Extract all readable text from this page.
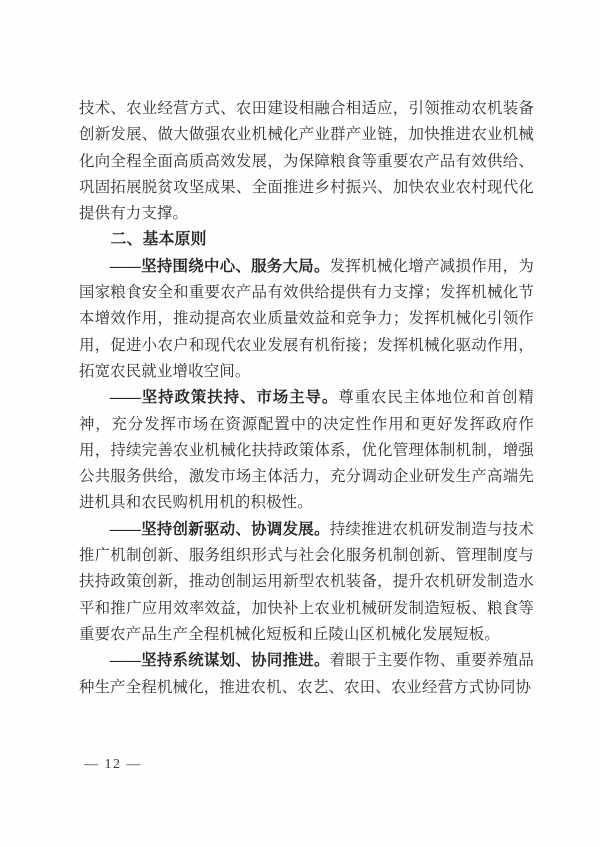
技术、农业经营方式、农田建设相融合相适应，引领推动农机装备创新发展、做大做强农业机械化产业群产业链，加快推进农业机械化向全程全面高质高效发展，为保障粮食等重要农产品有效供给、巩固拓展脱贫攻坚成果、全面推进乡村振兴、加快农业农村现代化提供有力支撑。

二、基本原则

——坚持围绕中心、服务大局。发挥机械化增产减损作用，为国家粮食安全和重要农产品有效供给提供有力支撑；发挥机械化节本增效作用，推动提高农业质量效益和竞争力；发挥机械化引领作用，促进小农户和现代农业发展有机衔接；发挥机械化驱动作用，拓宽农民就业增收空间。

——坚持政策扶持、市场主导。尊重农民主体地位和首创精神，充分发挥市场在资源配置中的决定性作用和更好发挥政府作用，持续完善农业机械化扶持政策体系，优化管理体制机制，增强公共服务供给，激发市场主体活力，充分调动企业研发生产高端先进机具和农民购机用机的积极性。

——坚持创新驱动、协调发展。持续推进农机研发制造与技术推广机制创新、服务组织形式与社会化服务机制创新、管理制度与扶持政策创新，推动创制运用新型农机装备，提升农机研发制造水平和推广应用效率效益，加快补上农业机械研发制造短板、粮食等重要农产品生产全程机械化短板和丘陵山区机械化发展短板。

——坚持系统谋划、协同推进。着眼于主要作物、重要养殖品种生产全程机械化，推进农机、农艺、农田、农业经营方式协同协

— 12 —
